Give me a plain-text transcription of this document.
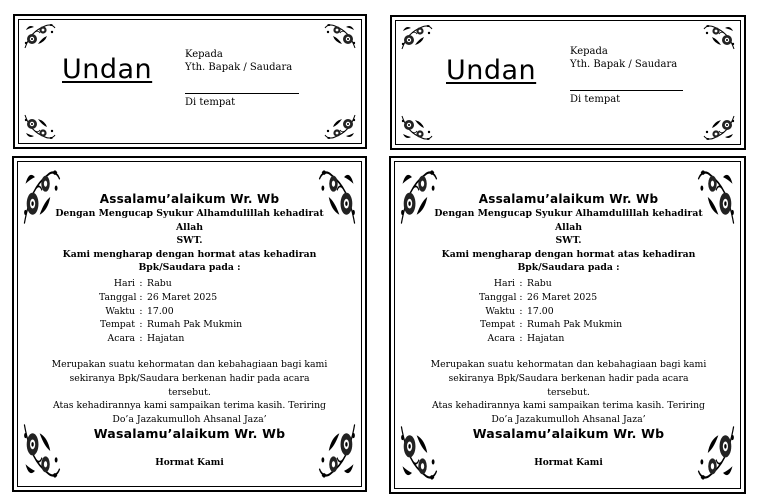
Undan	Kepada
Yth. Bapak / Saudara
Di tempat
Undan
Kepada
Yth. Bapak / Saudara
Di tempat
Assalamu’alaikum Wr. Wb
Dengan Mengucap Syukur Alhamdulillah kehadirat Allah
SWT.
Kami mengharap dengan hormat atas kehadiran
Bpk/Saudara pada :
Hari : Rabu
Tanggal : 26 Maret 2025
Waktu : 17.00
Tempat : Rumah Pak Mukmin
Acara : Hajatan
Merupakan suatu kehormatan dan kebahagiaan bagi kami
sekiranya Bpk/Saudara berkenan hadir pada acara tersebut.
Atas kehadirannya kami sampaikan terima kasih. Teriring
Do’a Jazakumulloh Ahsanal Jaza’
Wasalamu’alaikum Wr. Wb
Hormat Kami
Assalamu’alaikum Wr. Wb
Dengan Mengucap Syukur Alhamdulillah kehadirat Allah
SWT.
Kami mengharap dengan hormat atas kehadiran
Bpk/Saudara pada :
Hari : Rabu
Tanggal : 26 Maret 2025
Waktu : 17.00
Tempat : Rumah Pak Mukmin
Acara : Hajatan
Merupakan suatu kehormatan dan kebahagiaan bagi kami
sekiranya Bpk/Saudara berkenan hadir pada acara tersebut.
Atas kehadirannya kami sampaikan terima kasih. Teriring
Do’a Jazakumulloh Ahsanal Jaza’
Wasalamu’alaikum Wr. Wb
Hormat Kami
